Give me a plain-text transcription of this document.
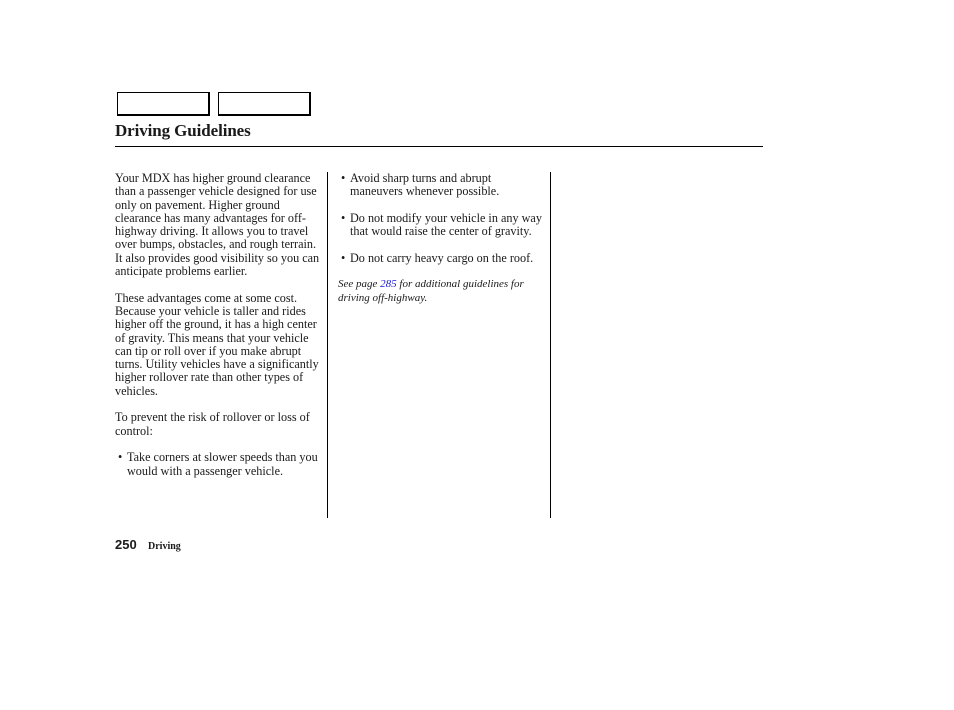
Driving Guidelines

Your MDX has higher ground clearance than a passenger vehicle designed for use only on pavement. Higher ground clearance has many advantages for off-highway driving. It allows you to travel over bumps, obstacles, and rough terrain. It also provides good visibility so you can anticipate problems earlier.

These advantages come at some cost. Because your vehicle is taller and rides higher off the ground, it has a high center of gravity. This means that your vehicle can tip or roll over if you make abrupt turns. Utility vehicles have a significantly higher rollover rate than other types of vehicles.

To prevent the risk of rollover or loss of control:

• Take corners at slower speeds than you would with a passenger vehicle.
• Avoid sharp turns and abrupt maneuvers whenever possible.
• Do not modify your vehicle in any way that would raise the center of gravity.
• Do not carry heavy cargo on the roof.

See page 285 for additional guidelines for driving off-highway.

250 Driving
